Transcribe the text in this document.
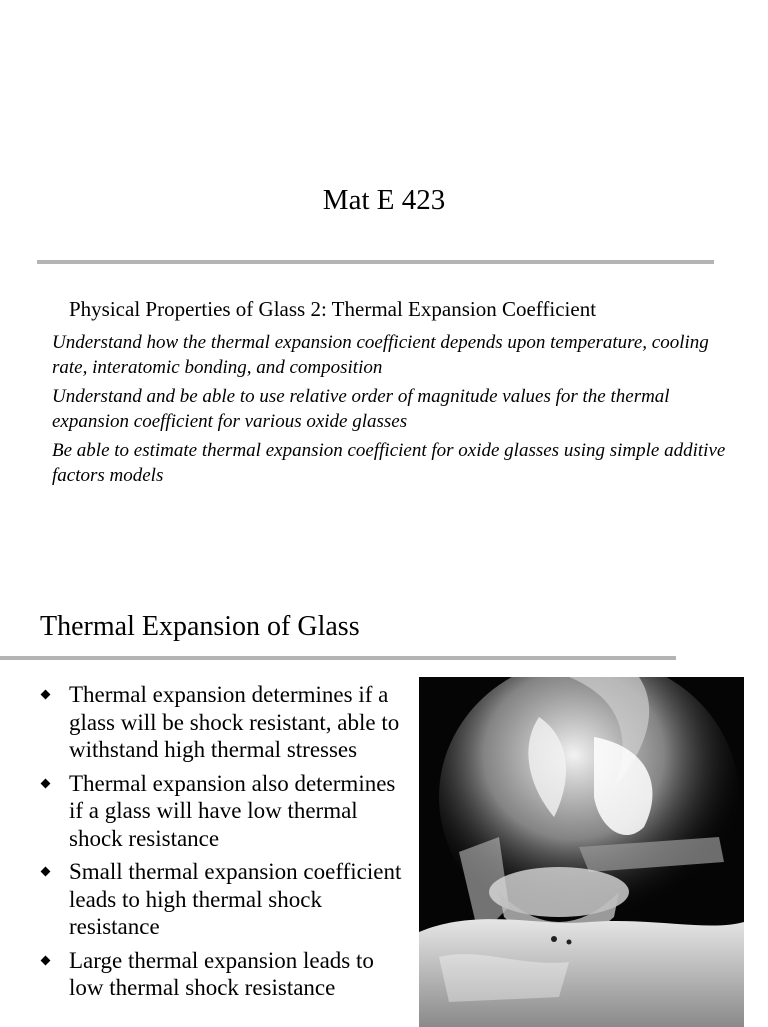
Mat E 423
Physical Properties of Glass 2: Thermal Expansion Coefficient

Understand how the thermal expansion coefficient depends upon temperature, cooling rate, interatomic bonding, and composition

Understand and be able to use relative order of magnitude values for the thermal expansion coefficient for various oxide glasses

Be able to estimate thermal expansion coefficient for oxide glasses using simple additive factors models

Thermal Expansion of Glass
Thermal expansion determines if a glass will be shock resistant, able to withstand high thermal stresses
Thermal expansion also determines if a glass will have low thermal shock resistance
Small thermal expansion coefficient leads to high thermal shock resistance
Large thermal expansion leads to low thermal shock resistance
